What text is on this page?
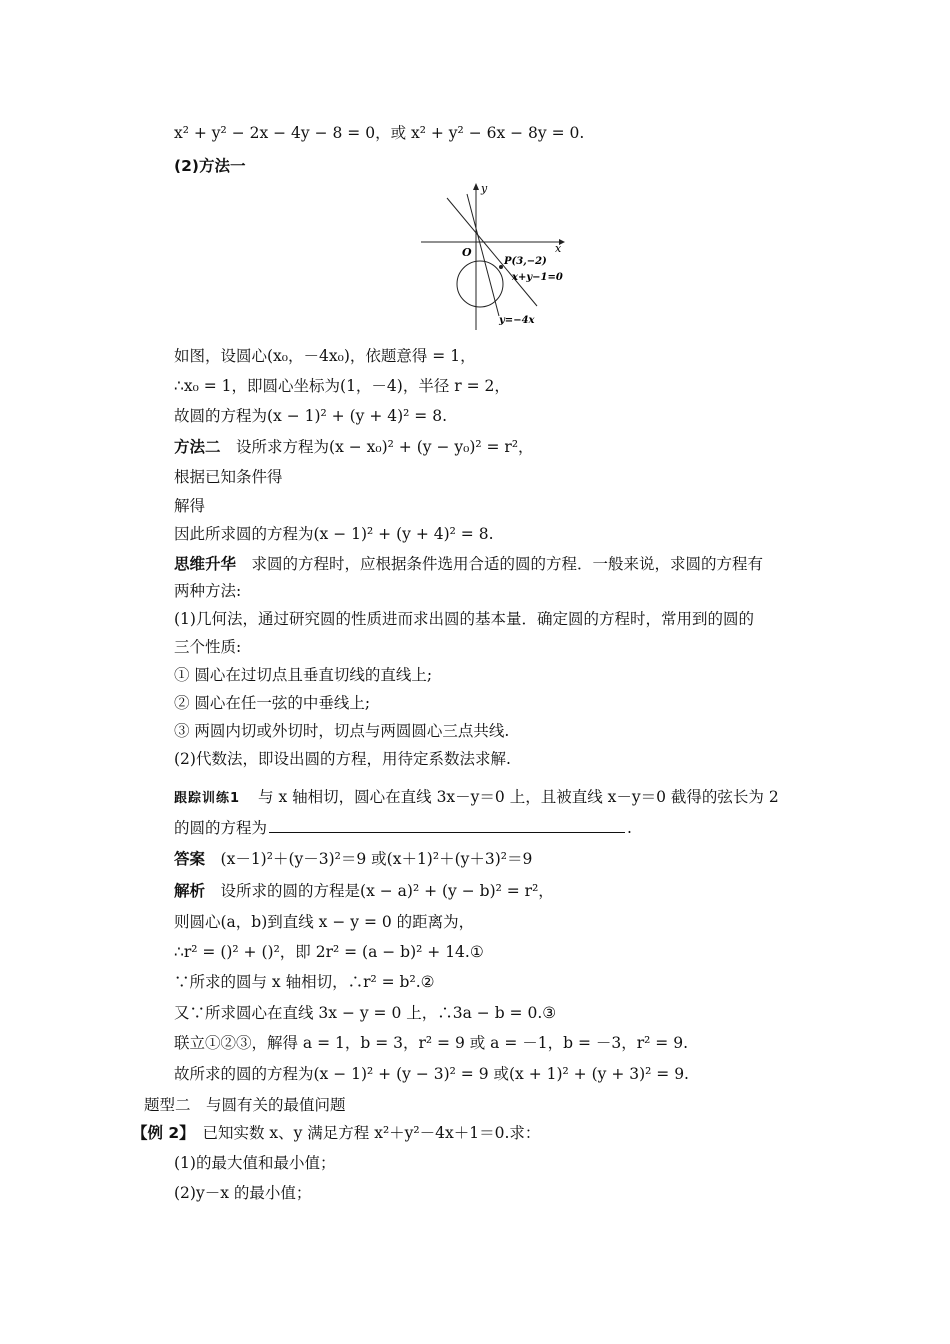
x² + y² − 2x − 4y − 8 = 0，或 x² + y² − 6x − 8y = 0.
(2)方法一
y
x
O
P(3,−2)
x+y−1=0
y=−4x
如图，设圆心(x₀，－4x₀)，依题意得 = 1，
∴x₀ = 1，即圆心坐标为(1，－4)，半径 r = 2，
故圆的方程为(x − 1)² + (y + 4)² = 8.
方法二　 设所求方程为(x − x₀)² + (y − y₀)² = r²，
根据已知条件得
解得
因此所求圆的方程为(x − 1)² + (y + 4)² = 8.
思维升华　 求圆的方程时，应根据条件选用合适的圆的方程．一般来说，求圆的方程有
两种方法:
(1)几何法，通过研究圆的性质进而求出圆的基本量．确定圆的方程时，常用到的圆的
三个性质:
① 圆心在过切点且垂直切线的直线上;
② 圆心在任一弦的中垂线上;
③ 两圆内切或外切时，切点与两圆圆心三点共线.
(2)代数法，即设出圆的方程，用待定系数法求解.
跟踪训练1 与 x 轴相切，圆心在直线 3x－y＝0 上，且被直线 x－y＝0 截得的弦长为 2
的圆的方程为	.
答案　 (x－1)²＋(y－3)²＝9 或(x＋1)²＋(y＋3)²＝9
解析　 设所求的圆的方程是(x − a)² + (y − b)² = r²，
则圆心(a，b)到直线 x − y = 0 的距离为，
∴r² = ()² + ()²，即 2r² = (a − b)² + 14.①
∵所求的圆与 x 轴相切，∴r² = b².②
又∵所求圆心在直线 3x − y = 0 上，∴3a − b = 0.③
联立①②③，解得 a = 1，b = 3，r² = 9 或 a = －1，b = －3，r² = 9.
故所求的圆的方程为(x − 1)² + (y − 3)² = 9 或(x + 1)² + (y + 3)² = 9.
题型二　与圆有关的最值问题
【例 2】  已知实数 x、y 满足方程 x²＋y²－4x＋1＝0.求：
(1)的最大值和最小值；
(2)y－x 的最小值；
